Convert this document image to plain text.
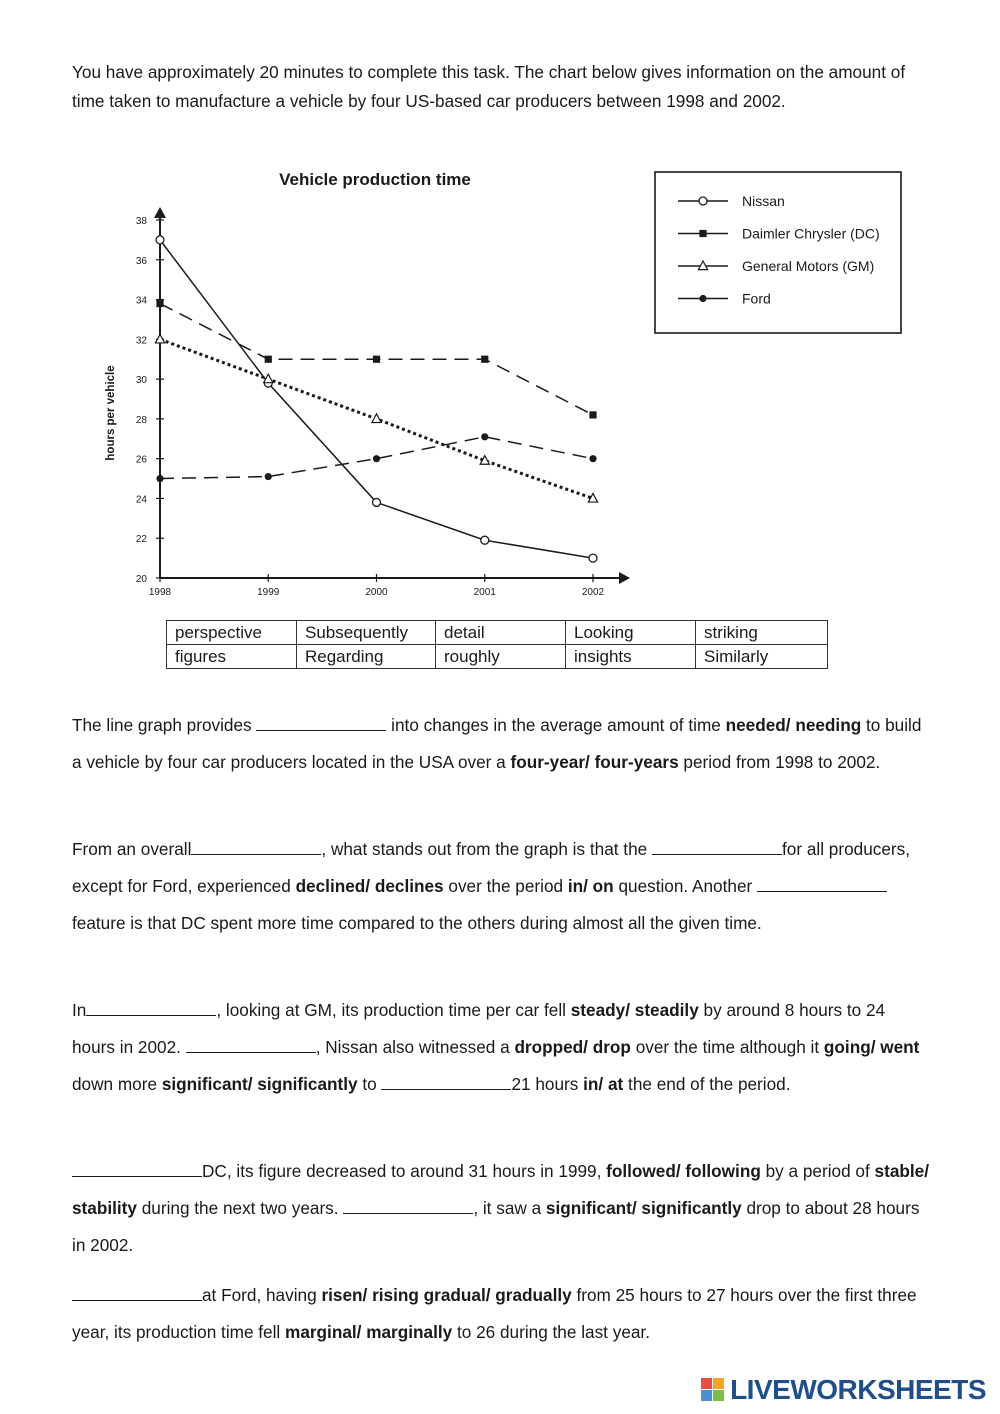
You have approximately 20 minutes to complete this task. The chart below gives information on the amount of time taken to manufacture a vehicle by four US-based car producers between 1998 and 2002.

Vehicle production time
hours per vehicle
20
22
24
26
28
30
32
34
36
38
1998	1999	2000	2001	2002
Nissan
Daimler Chrysler (DC)
General Motors (GM)
Ford
perspective	Subsequently	detail	Looking	striking
figures	Regarding	roughly	insights	Similarly

The line graph provides	into changes in the average amount of time needed/ needing to build a vehicle by four car producers located in the USA over a four-year/ four-years period from 1998 to 2002.

From an overall	, what stands out from the graph is that the	for all producers, except for Ford, experienced declined/ declines over the period in/ on question. Another feature is that DC spent more time compared to the others during almost all the given time.

In	, looking at GM, its production time per car fell steady/ steadily by around 8 hours to 24 hours in 2002.	, Nissan also witnessed a dropped/ drop over the time although it going/ went down more significant/ significantly to	21 hours in/ at the end of the period.

DC, its figure decreased to around 31 hours in 1999, followed/ following by a period of stable/ stability during the next two years.	, it saw a significant/ significantly drop to about 28 hours in 2002.

at Ford, having risen/ rising gradual/ gradually from 25 hours to 27 hours over the first three year, its production time fell marginal/ marginally to 26 during the last year.

LIVEWORKSHEETS
